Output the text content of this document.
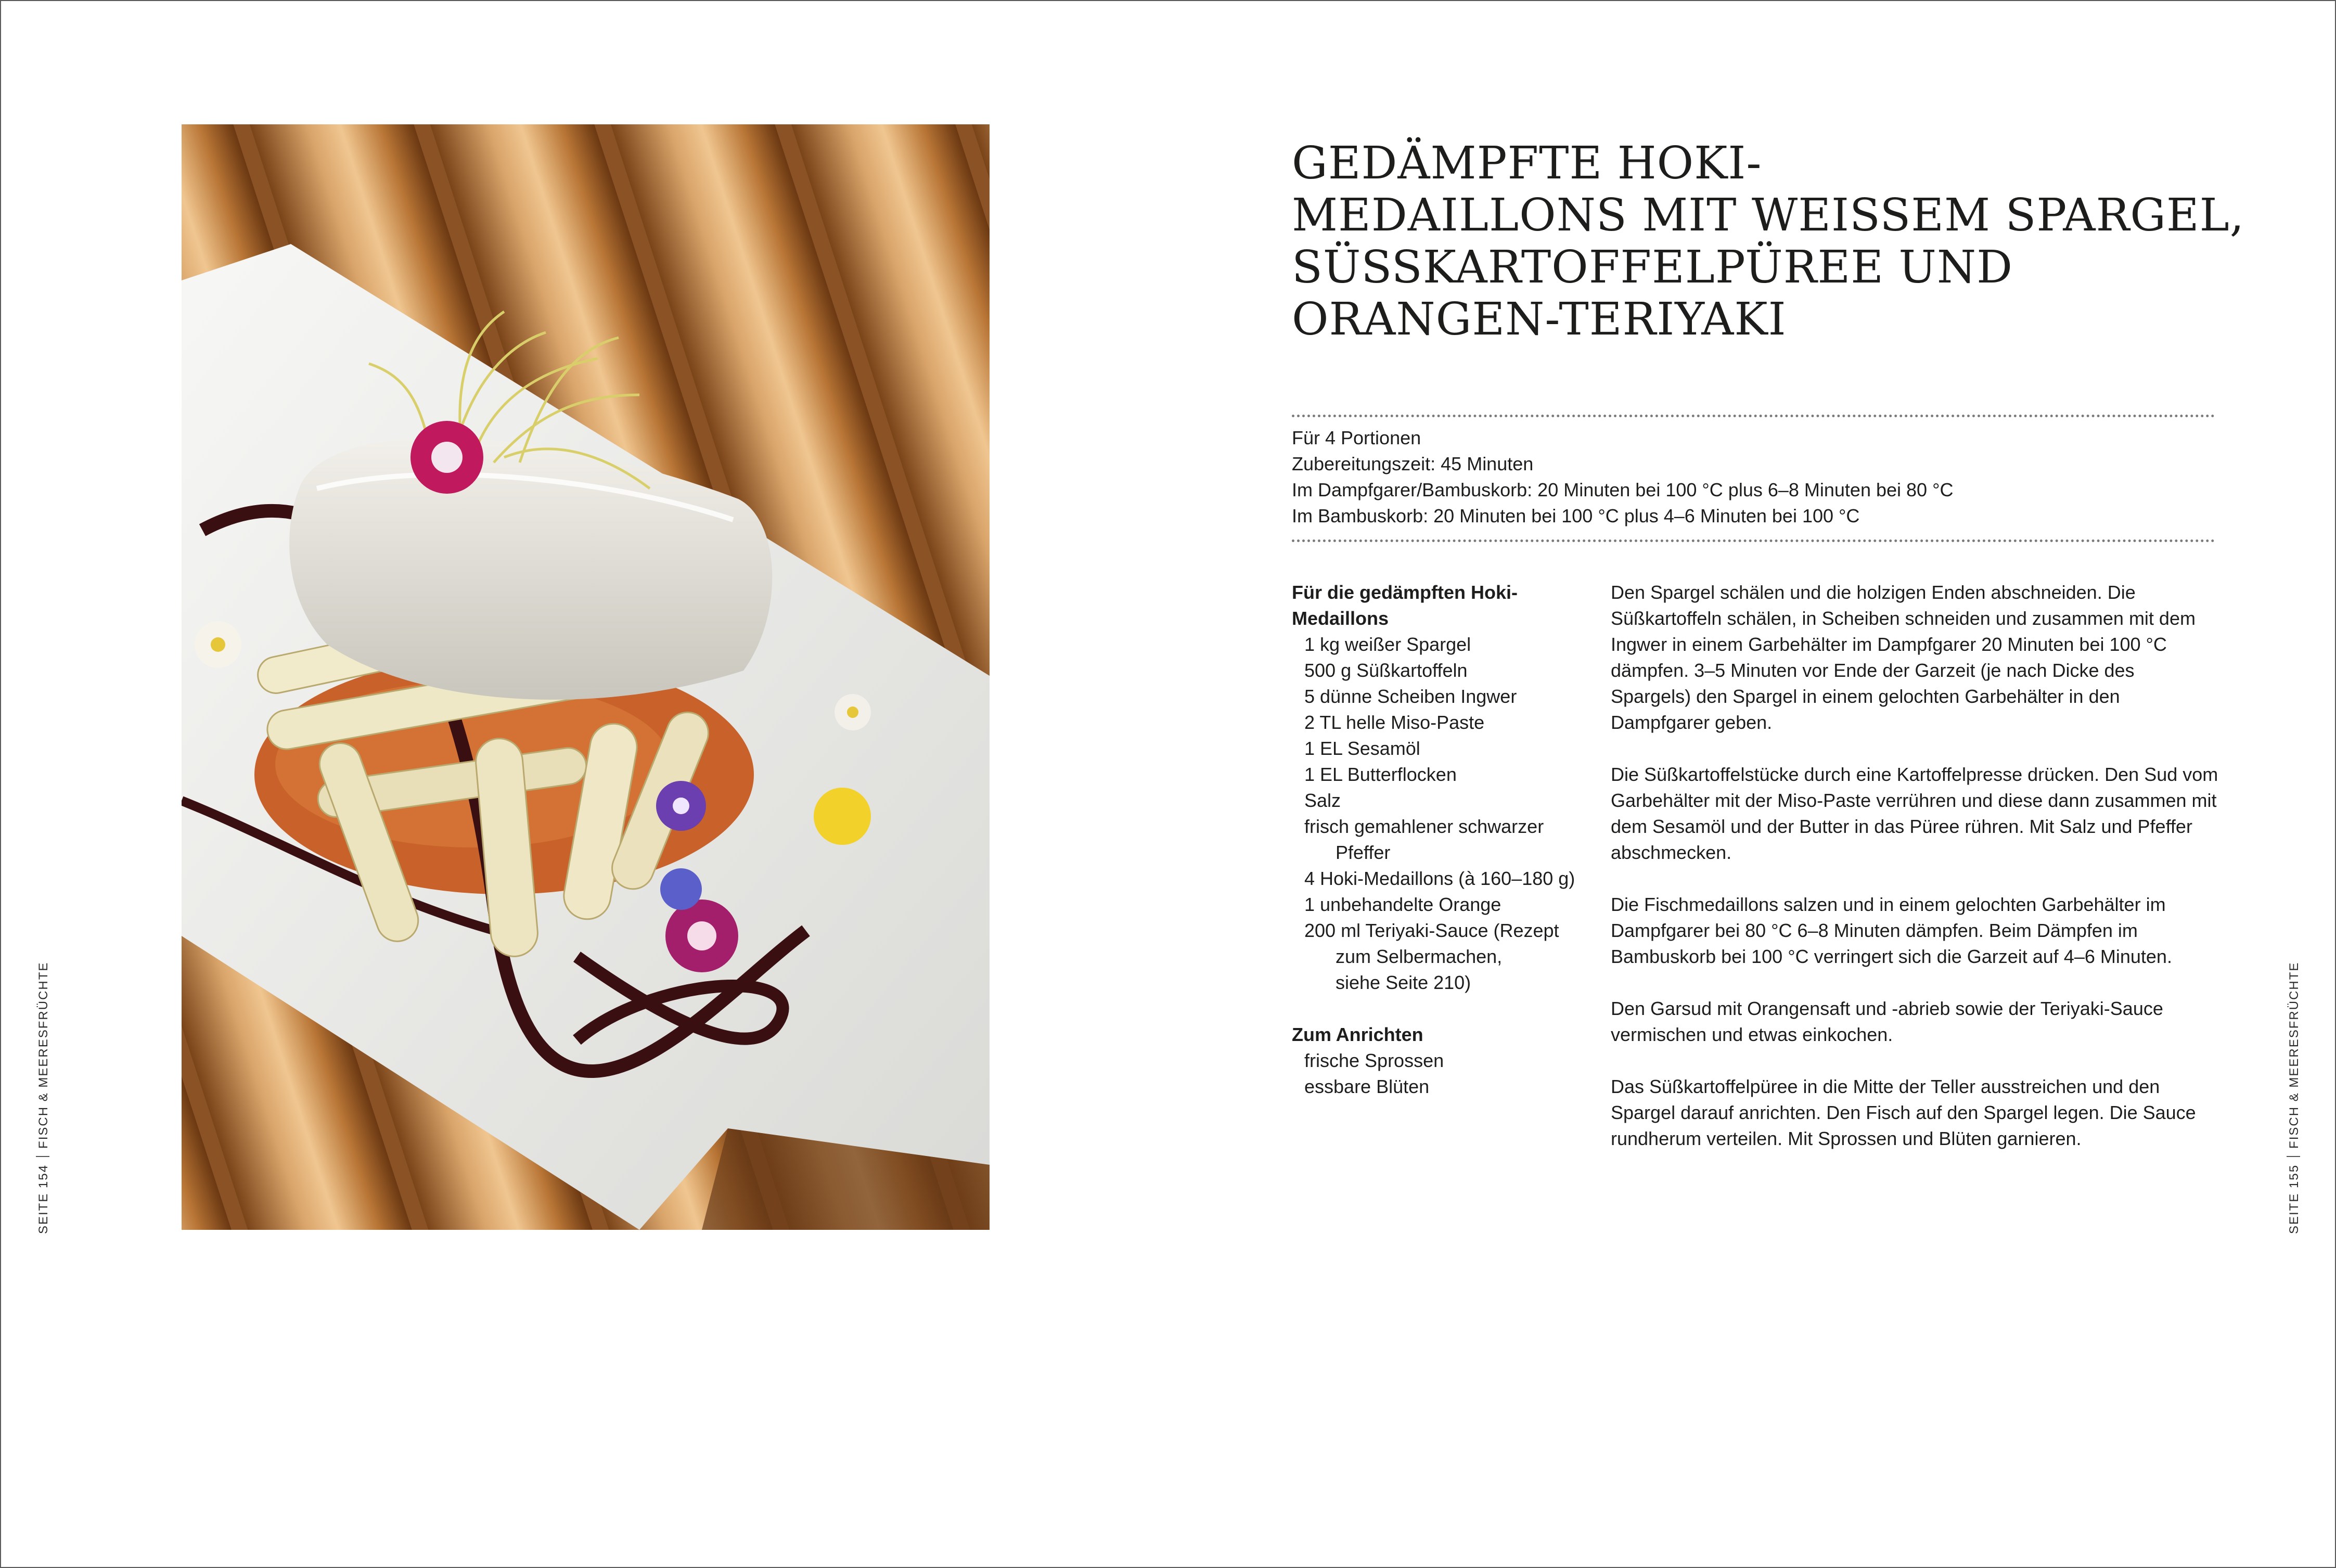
GEDÄMPFTE HOKI-
MEDAILLONS MIT WEISSEM SPARGEL,
SÜSSKARTOFFELPÜREE UND
ORANGEN-TERIYAKI
Für 4 Portionen
Zubereitungszeit: 45 Minuten
Im Dampfgarer/Bambuskorb: 20 Minuten bei 100 °C plus 6–8 Minuten bei 80 °C
Im Bambuskorb: 20 Minuten bei 100 °C plus 4–6 Minuten bei 100 °C
Für die gedämpften Hoki-
Medaillons
1 kg weißer Spargel
500 g Süßkartoffeln
5 dünne Scheiben Ingwer
2 TL helle Miso-Paste
1 EL Sesamöl
1 EL Butterflocken
Salz
frisch gemahlener schwarzer
Pfeffer
4 Hoki-Medaillons (à 160–180 g)
1 unbehandelte Orange
200 ml Teriyaki-Sauce (Rezept
zum Selbermachen,
siehe Seite 210)
Zum Anrichten
frische Sprossen
essbare Blüten

Den Spargel schälen und die holzigen Enden abschneiden. Die Süßkartoffeln schälen, in Scheiben schneiden und zusammen mit dem Ingwer in einem Garbehälter im Dampfgarer 20 Minuten bei 100 °C dämpfen. 3–5 Minuten vor Ende der Garzeit (je nach Dicke des Spargels) den Spargel in einem gelochten Garbehälter in den Dampfgarer geben.

Die Süßkartoffelstücke durch eine Kartoffelpresse drücken. Den Sud vom Garbehälter mit der Miso-Paste verrühren und diese dann zusammen mit dem Sesamöl und der Butter in das Püree rühren. Mit Salz und Pfeffer abschmecken.

Die Fischmedaillons salzen und in einem gelochten Garbehälter im Dampfgarer bei 80 °C 6–8 Minuten dämpfen. Beim Dämpfen im Bambuskorb bei 100 °C verringert sich die Garzeit auf 4–6 Minuten.

Den Garsud mit Orangensaft und -abrieb sowie der Teriyaki-Sauce vermischen und etwas einkochen.

Das Süßkartoffelpüree in die Mitte der Teller ausstreichen und den Spargel darauf anrichten. Den Fisch auf den Spargel legen. Die Sauce rundherum verteilen. Mit Sprossen und Blüten garnieren.

SEITE 154FISCH & MEERESFRÜCHTE
SEITE 155FISCH & MEERESFRÜCHTE
